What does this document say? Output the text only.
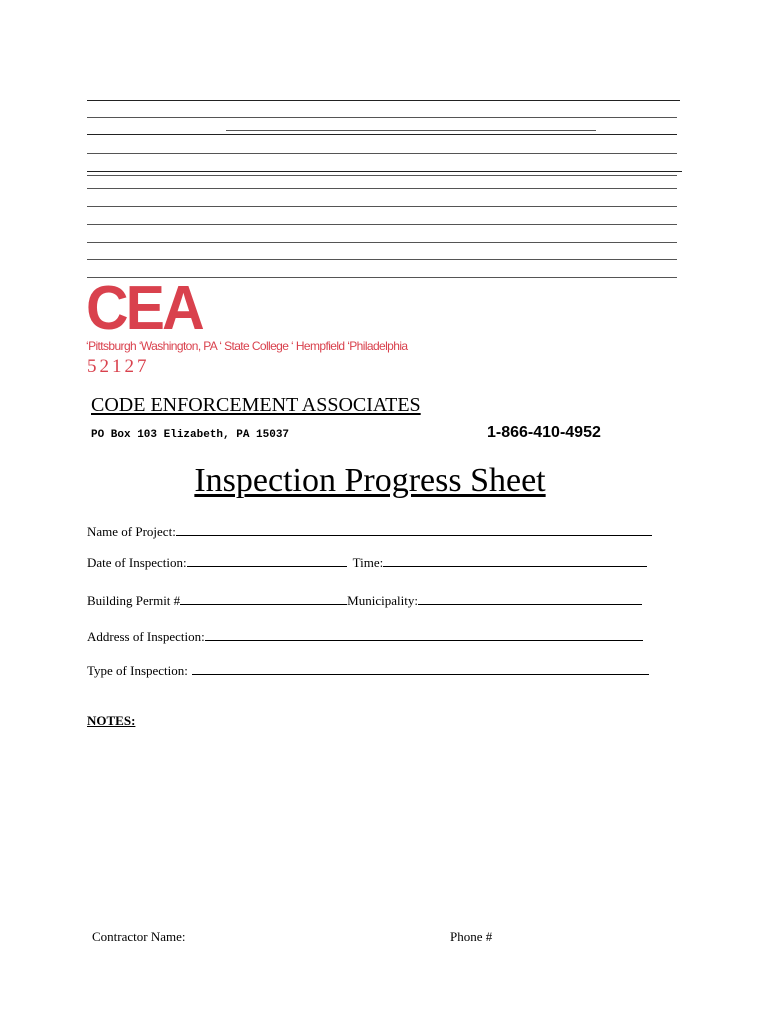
CEA
‘Pittsburgh ‘Washington, PA ‘ State College ‘ Hempfield ‘Philadelphia
52127
CODE ENFORCEMENT ASSOCIATES
PO Box 103 Elizabeth, PA 15037	1-866-410-4952
Inspection Progress Sheet
Name of Project:
Date of Inspection:	Time:
Building Permit #	Municipality:
Address of Inspection:
Type of Inspection:
NOTES:
Contractor Name:	Phone #
